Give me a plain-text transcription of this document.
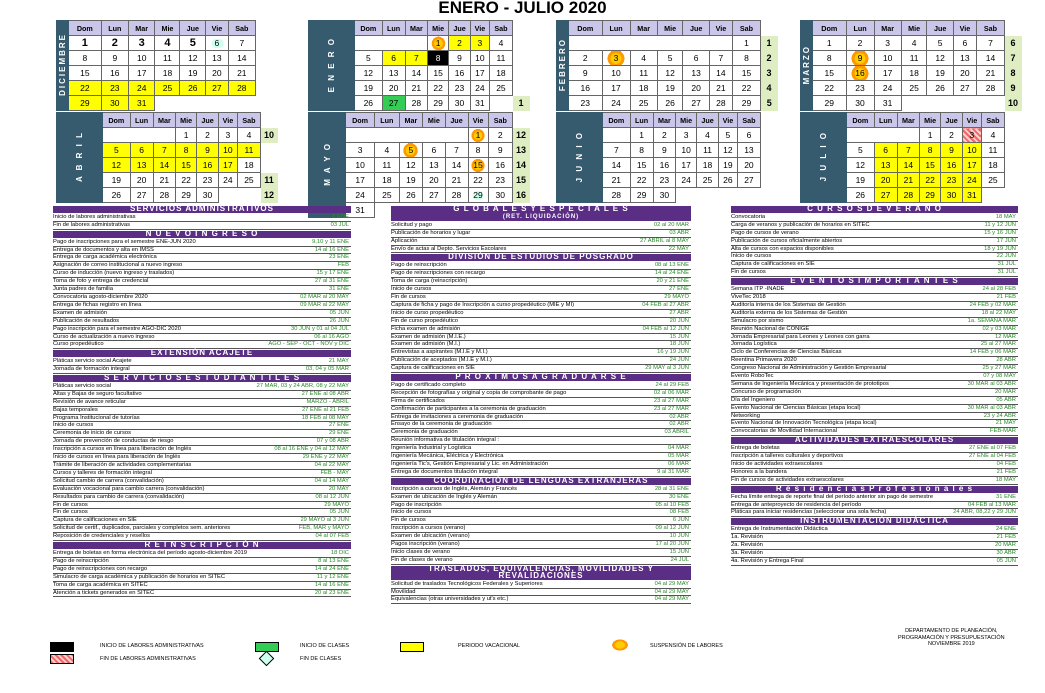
ENERO - JULIO 2020
DICIEMBRE	Dom	Lun	Mar	Mie	Jue	Vie	Sab
	1	2	3	4	5	6	7
	8	9	10	11	12	13	14
	15	16	17	18	19	20	21
	22	23	24	25	26	27	28
	29	30	31				
E N E R O	Dom	Lun	Mar	Mie	Jue	Vie	Sab	
				1	2	3	4	
	5	6	7	8	9	10	11	
	12	13	14	15	16	17	18	
	19	20	21	22	23	24	25	
	26	27	28	29	30	31		1
FEBRERO	Dom	Lun	Mar	Mie	Jue	Vie	Sab	
							1	1
	2	3	4	5	6	7	8	2
	9	10	11	12	13	14	15	3
	16	17	18	19	20	21	22	4
	23	24	25	26	27	28	29	5
MARZO	Dom	Lun	Mar	Mie	Jue	Vie	Sab	
	1	2	3	4	5	6	7	6
	8	9	10	11	12	13	14	7
	15	16	17	18	19	20	21	8
	22	23	24	25	26	27	28	9
	29	30	31					10
A B R I L	Dom	Lun	Mar	Mie	Jue	Vie	Sab	
				1	2	3	4	10
	5	6	7	8	9	10	11	
	12	13	14	15	16	17	18	
	19	20	21	22	23	24	25	11
	26	27	28	29	30			12
M A Y O	Dom	Lun	Mar	Mie	Jue	Vie	Sab	
						1	2	12
	3	4	5	6	7	8	9	13
	10	11	12	13	14	15	16	14
	17	18	19	20	21	22	23	15
	24	25	26	27	28	29	30	16
	31							
J U N I O	Dom	Lun	Mar	Mie	Jue	Vie	Sab	
		1	2	3	4	5	6	
	7	8	9	10	11	12	13	
	14	15	16	17	18	19	20	
	21	22	23	24	25	26	27	
	28	29	30					
J U L I O	Dom	Lun	Mar	Mie	Jue	Vie	Sab	
				1	2	3	4	
	5	6	7	8	9	10	11	
	12	13	14	15	16	17	18	
	19	20	21	22	23	24	25	
	26	27	28	29	30	31		
SERVICIOS ADMINISTRATIVOS
Inicio de labores administrativas	8 ENE
Fin de labores administrativas	03 JUL
N U E V O I N G R E S O
Pago de inscripciones para el semestre ENE-JUN 2020	9,10 y 11 ENE
Entrega de documentos y alta en IMSS	14 al 16 ENE
Entrega de carga académica electrónica	23 ENE
Asignación de correo institucional a nuevo ingreso	FEB
Curso de inducción (nuevo ingreso y traslados)	15 y 17 ENE
Toma de foto y entrega de credencial	27 al 31 ENE
Junta padres de familia	31 ENE
Convocatoria agosto-diciembre 2020	02 MAR al 20 MAY
Entrega de fichas registro en línea	09 MAR al 22 MAY
Examen de admisión	05 JUN
Publicación de resultados	26 JUN
Pago inscripción para el semestre AGO-DIC 2020	30 JUN y 01 al 04 JUL
Curso de actualización a nuevo ingreso	06 al 16 AGO
Curso propedéutico	AGO - SEP - OCT - NOV y DIC
EXTENSIÓN ACAJETE
Pláticas servicio social Acajete	21 MAY
Jornada de formación integral	03, 04 y 05 MAR
S E R V I C I O S E S T U D I A N T I L E S
Pláticas servicio social	27 MAR, 03 y 24 ABR, 08 y 22 MAY
Altas y Bajas de seguro facultativo	27 ENE al 08 ABR
Revisión de avance reticular	MARZO - ABRIL
Bajas temporales	27 ENE al 21 FEB
Programa Institucional de tutorías	18 FEB al 08 MAY
Inicio de cursos	27 ENE
Ceremonia de inicio de cursos	29 ENE
Jornada de prevención de conductas de riesgo	07 y 08 ABR
Inscripción a cursos en línea para liberación de Inglés	08 al 16 ENE y 04 al 12 MAY
Inicio de cursos en línea para liberación de Inglés	29 ENE y 22 MAY
Trámite de liberación de actividades complementarias	04 al 22 MAY
Cursos y talleres de formación integral	FEB - MAY
Solicitud cambio de carrera (convalidación)	04 al 14 MAY
Evaluación vocacional para cambio carrera (convalidación)	20 MAY
Resultados para cambio de carrera (convalidación)	08 al 12 JUN
Fin de cursos	29 MAYO
Fin de cursos	05 JUN
Captura de calificaciones en SIE	29 MAYO al 3 JUN
Solicitud de certif., duplicados, parciales y completos sem. anteriores	FEB, MAR y MAYO
Reposición de credenciales y resellos	04 al 07 FEB
R E I N S C R I P C I Ó N
Entrega de boletas en forma electrónica del período agosto-diciembre 2019	18 DIC
Pago de reinscripción	8 al 13 ENE
Pago de reinscripciones con recargo	14 al 24 ENE
Simulacro de carga académica y publicación de horarios en SITEC	11 y 12 ENE
Toma de carga académica en SITEC	14 al 16 ENE
Atención a tickets generados en SITEC	20 al 23 ENE
G L O B A L E S Y E S P E C I A L E S
(RET. LIQUIDACIÓN)
Solicitud y pago	02 al 20 MAR
Publicación de horarios y lugar	03 ABR
Aplicación	27 ABRIL al 8 MAY
Envío de actas al Depto. Servicios Escolares	22 MAY
DIVISIÓN DE ESTUDIOS DE POSGRADO
Pago de reinscripción	08 al 13 ENE
Pago de reinscripciones con recargo	14 al 24 ENE
Toma de carga (reinscripción)	20 y 21 ENE
Inicio de cursos	27 ENE
Fin de cursos	29 MAYO
Captura de ficha y pago de Inscripción a curso propedéutico (MIE y MI)	04 FEB al 27 ABR
Inicio de curso propedéutico	27 ABR
Fin de curso propedéutico	20 JUN
Ficha examen de admisión	04 FEB al 12 JUN
Examen de admisión (M.I.E.)	15 JUN
Examen de admisión (M.I.)	18 JUN
Entrevistas a aspirantes (M.I.E y M.I.)	16 y 19 JUN
Publicación de aceptados (M.I.E y M.I.)	24 JUN
Captura de calificaciones en SIE	29 MAY al 3 JUN
P R O X I M O S A G R A D U A R S E
Pago de certificado completo	24 al 29 FEB
Recepción de fotografías y original y copia de comprobante de pago	02 al 06 MAR
Firma de certificados	23 al 27 MAR
Confirmación de participantes a la ceremonia de graduación	23 al 27 MAR
Entrega de invitaciones a ceremonia de graduación	02 ABR
Ensayo de la ceremonia de graduación	02 ABR
Ceremonia de graduación	03 ABRIL
Reunión informativa de titulación integral :
Ingeniería Industrial y Logística	04 MAR
Ingeniería Mecánica, Eléctrica y Electrónica	05 MAR
Ingeniería Tic's, Gestión Empresarial y Lic. en Administración	06 MAR
Entrega de documentos titulación integral	9 al 31 MAR
COORDINACIÓN DE LENGUAS EXTRANJERAS
Inscripción a cursos de Inglés, Alemán y Francés	28 al 31 ENE
Examen de ubicación de Inglés y Alemán	30 ENE
Pago de inscripción	05 al 10 FEB
Inicio de cursos	08 FEB
Fin de cursos	6 JUN
Inscripción a cursos (verano)	09 al 12 JUN
Examen de ubicación (verano)	10 JUN
Pagos inscripción (verano)	17 al 20 JUN
Inicio clases de verano	15 JUN
Fin de clases de verano	24 JUL
TRASLADOS, EQUIVALENCIAS, MOVILIDADES Y REVALIDACIONES
Solicitud de traslados Tecnológicos Federales y Superiores	04 al 29 MAY
Movilidad	04 al 29 MAY
Equivalencias (otras universidades y ut's etc.)	04 al 29 MAY
C U R S O S D E V E R A N O
Convocatoria	18 MAY
Carga de veranos y publicación de horarios en SITEC	11 y 12 JUN
Pago de cursos de verano	15 y 16 JUN
Publicación de cursos oficialmente abiertos	17 JUN
Alta de cursos con espacios disponibles	18 y 19 JUN
Inicio de cursos	22 JUN
Captura de calificaciones en SIE	31 JUL
Fin de cursos	31 JUL
E V E N T O S I M P O R T A N T E S
Semana ITP -INADE	24 al 28 FEB
ViveTec 2018	21 FEB
Auditoría interna de los Sistemas de Gestión	24 FEB y 02 MAR
Auditoría externa de los Sistemas de Gestión	18 al 22 MAY
Simulacro por sismo	1a. SEMANA MAR
Reunión Nacional de CONIGE	02 y 03 MAR
Jornada Empresarial para Leones y Leones con garra	12 MAR
Jornada Logística	25 al 27 MAR
Ciclo de Conferencias de Ciencias Básicas	14 FEB y 06 MAR
Reentina Primavera 2020	28 ABR
Congreso Nacional de Administración y Gestión Empresarial	25 y 27 MAR
Evento RoboTec	07 y 08 MAY
Semana de Ingeniería Mecánica y presentación de prototipos	30 MAR al 03 ABR
Concurso de programación	20 MAR
Día del Ingeniero	05 ABR
Evento Nacional de Ciencias Básicas (etapa local)	30 MAR al 03 ABR
Networking	23 y 24 ABR
Evento Nacional de Innovación Tecnológica (etapa local)	21 MAY
Convocatorias de Movilidad Internacional	FEB-MAR
ACTIVIDADES EXTRAESCOLARES
Entrega de boletas	27 ENE al 07 FEB
Inscripción a talleres culturales y deportivos	27 ENE al 04 FEB
Inicio de actividades extraescolares	04 FEB
Honores a la bandera	21 FEB
Fin de cursos de actividades extraescolares	18 MAY
R e s i d e n c i a s P r o f e s i o n a l e s
Fecha límite entrega de reporte final del período anterior sin pago de semestre	31 ENE
Entrega de anteproyecto de residencia del período	04 FEB al 13 MAR
Pláticas para iniciar residencias (seleccionar una sola fecha)	24 ABR, 08,22 y 29 JUN
INSTRUMENTACIÓN DIDÁCTICA
Entrega de Instrumentación Didáctica	24 ENE
1a. Revisión	21 FEB
2a. Revisión	20 MAR
3a. Revisión	30 ABR
4a. Revisión y Entrega Final	05 JUN
DEPARTAMENTO DE PLANEACIÓN,
PROGRAMACIÓN Y PRESUPUESTACIÓN
NOVIEMBRE 2019
INICIO DE LABORES ADMINISTRATIVAS
FIN DE LABORES ADMINISTRATIVAS
INICIO DE CLASES
FIN DE CLASES
PERIODO VACACIONAL	SUSPENSIÓN DE LABORES
